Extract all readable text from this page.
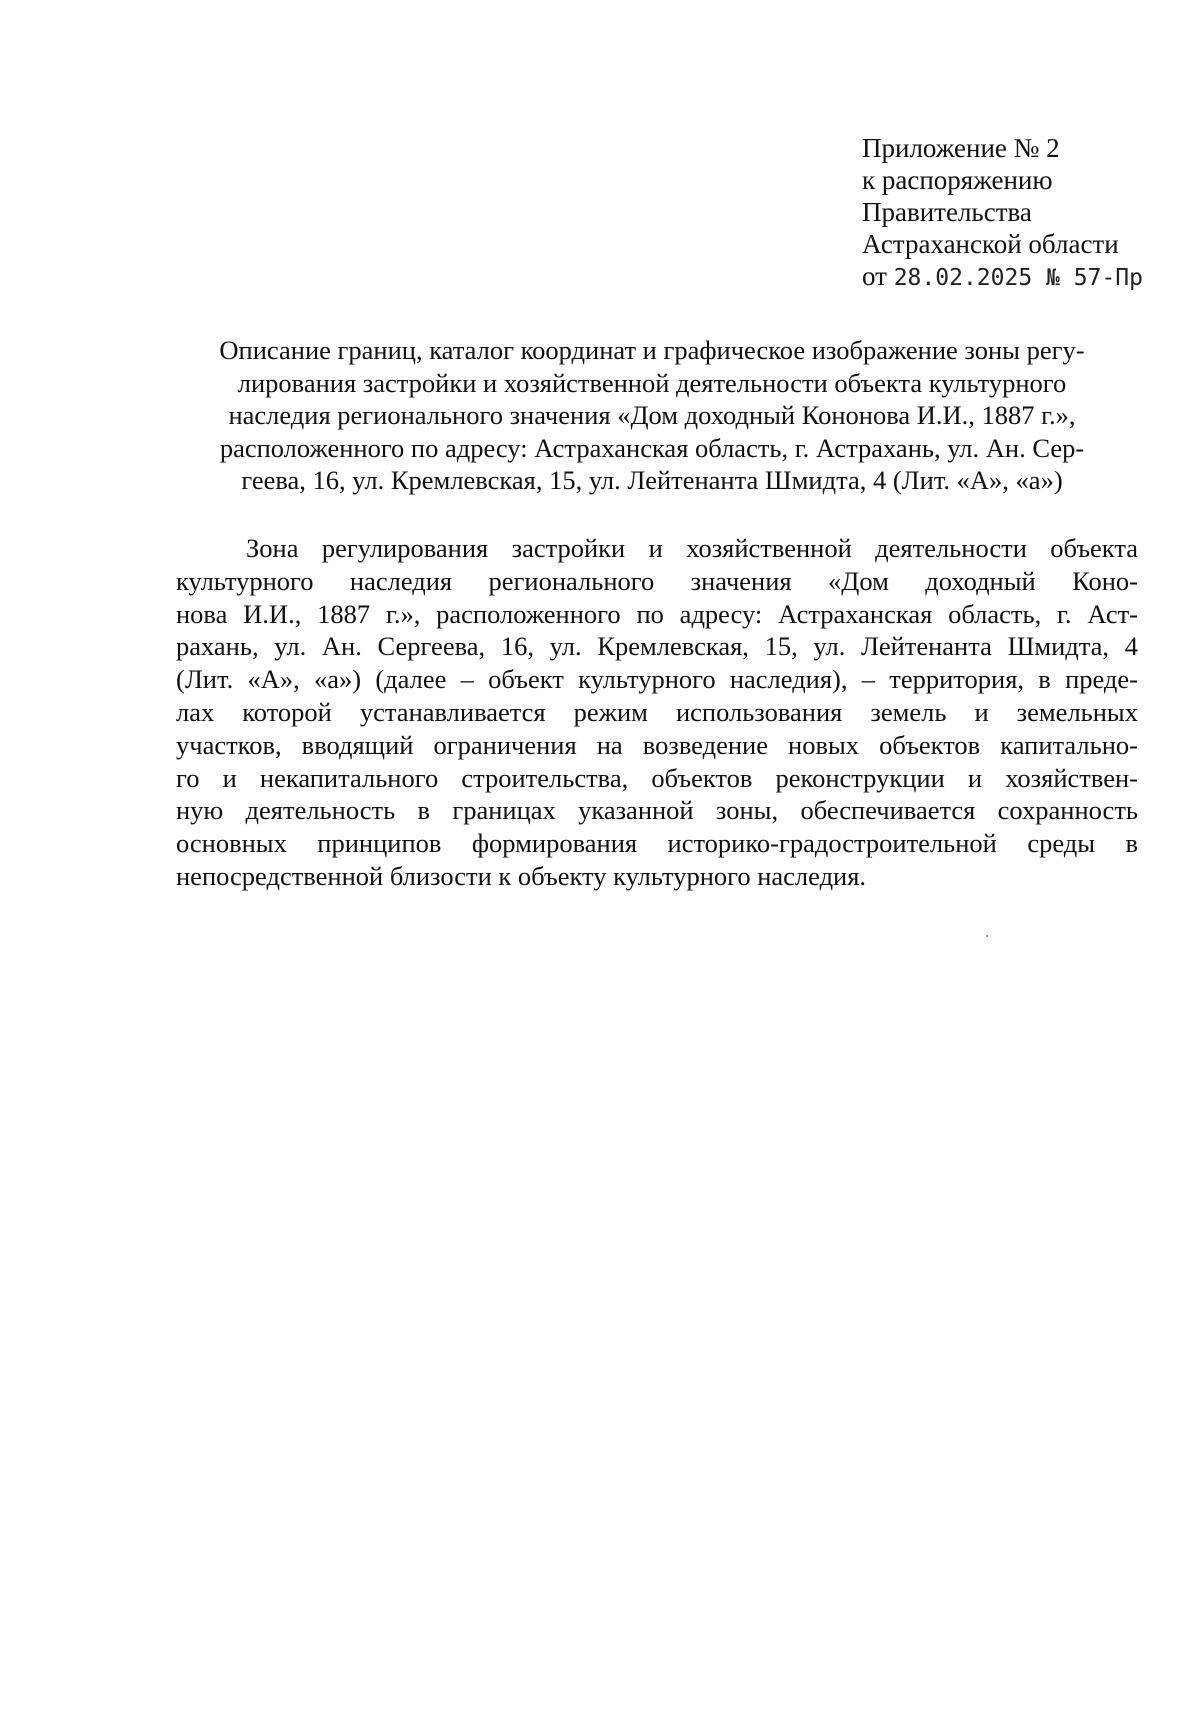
Приложение № 2
к распоряжению
Правительства
Астраханской области
от 28.02.2025 № 57-Пр
Описание границ, каталог координат и графическое изображение зоны регу-
лирования застройки и хозяйственной деятельности объекта культурного
наследия регионального значения «Дом доходный Кононова И.И., 1887 г.»,
расположенного по адресу: Астраханская область, г. Астрахань, ул. Ан. Сер-
геева, 16, ул. Кремлевская, 15, ул. Лейтенанта Шмидта, 4 (Лит. «А», «а»)
Зона регулирования застройки и хозяйственной деятельности объекта
культурного наследия регионального значения «Дом доходный Коно-
нова И.И., 1887 г.», расположенного по адресу: Астраханская область, г. Аст-
рахань, ул. Ан. Сергеева, 16, ул. Кремлевская, 15, ул. Лейтенанта Шмидта, 4
(Лит. «А», «а») (далее – объект культурного наследия), – территория, в преде-
лах которой устанавливается режим использования земель и земельных
участков, вводящий ограничения на возведение новых объектов капитально-
го и некапитального строительства, объектов реконструкции и хозяйствен-
ную деятельность в границах указанной зоны, обеспечивается сохранность
основных принципов формирования историко-градостроительной среды в
непосредственной близости к объекту культурного наследия.
